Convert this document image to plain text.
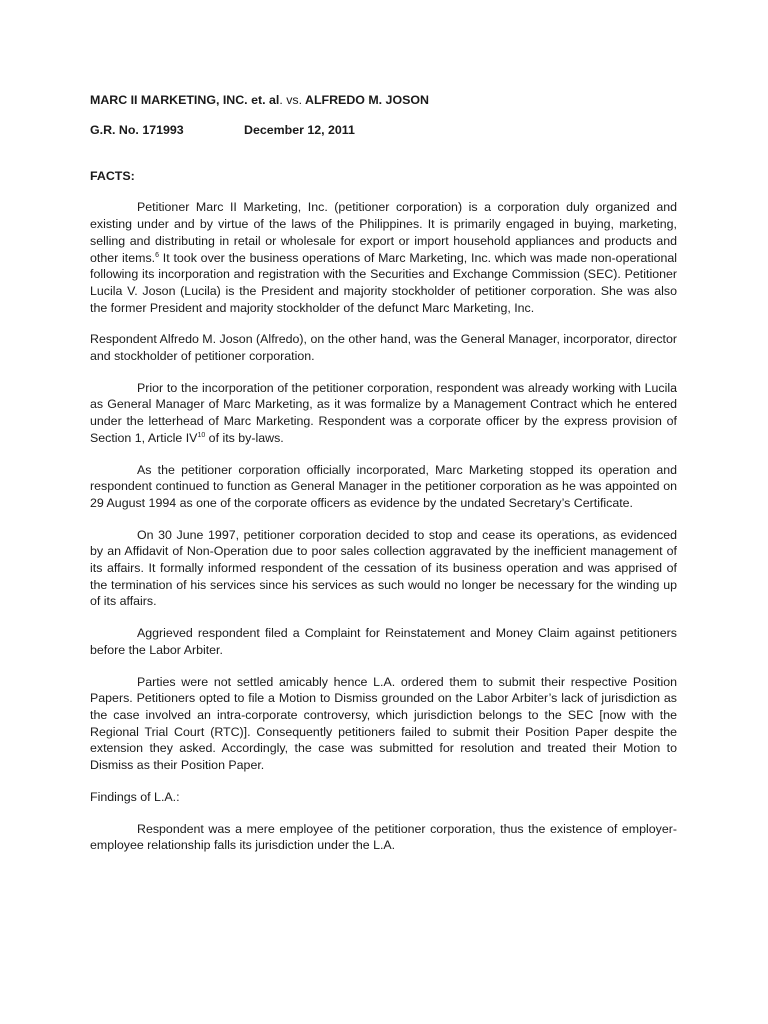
MARC II MARKETING, INC. et. al. vs. ALFREDO M. JOSON
G.R. No. 171993	December 12, 2011
FACTS:

Petitioner Marc II Marketing, Inc. (petitioner corporation) is a corporation duly organized and existing under and by virtue of the laws of the Philippines. It is primarily engaged in buying, marketing, selling and distributing in retail or wholesale for export or import household appliances and products and other items.$^6$ It took over the business operations of Marc Marketing, Inc. which was made non-operational following its incorporation and registration with the Securities and Exchange Commission (SEC). Petitioner Lucila V. Joson (Lucila) is the President and majority stockholder of petitioner corporation. She was also the former President and majority stockholder of the defunct Marc Marketing, Inc.

Respondent Alfredo M. Joson (Alfredo), on the other hand, was the General Manager, incorporator, director and stockholder of petitioner corporation.

Prior to the incorporation of the petitioner corporation, respondent was already working with Lucila as General Manager of Marc Marketing, as it was formalize by a Management Contract which he entered under the letterhead of Marc Marketing. Respondent was a corporate officer by the express provision of Section 1, Article IV$^{10}$ of its by-laws.

As the petitioner corporation officially incorporated, Marc Marketing stopped its operation and respondent continued to function as General Manager in the petitioner corporation as he was appointed on 29 August 1994 as one of the corporate officers as evidence by the undated Secretary’s Certificate.

On 30 June 1997, petitioner corporation decided to stop and cease its operations, as evidenced by an Affidavit of Non-Operation due to poor sales collection aggravated by the inefficient management of its affairs. It formally informed respondent of the cessation of its business operation and was apprised of the termination of his services since his services as such would no longer be necessary for the winding up of its affairs.

Aggrieved respondent filed a Complaint for Reinstatement and Money Claim against petitioners before the Labor Arbiter.

Parties were not settled amicably hence L.A. ordered them to submit their respective Position Papers. Petitioners opted to file a Motion to Dismiss grounded on the Labor Arbiter’s lack of jurisdiction as the case involved an intra-corporate controversy, which jurisdiction belongs to the SEC [now with the Regional Trial Court (RTC)]. Consequently petitioners failed to submit their Position Paper despite the extension they asked. Accordingly, the case was submitted for resolution and treated their Motion to Dismiss as their Position Paper.

Findings of L.A.:

Respondent was a mere employee of the petitioner corporation, thus the existence of employer-employee relationship falls its jurisdiction under the L.A.
